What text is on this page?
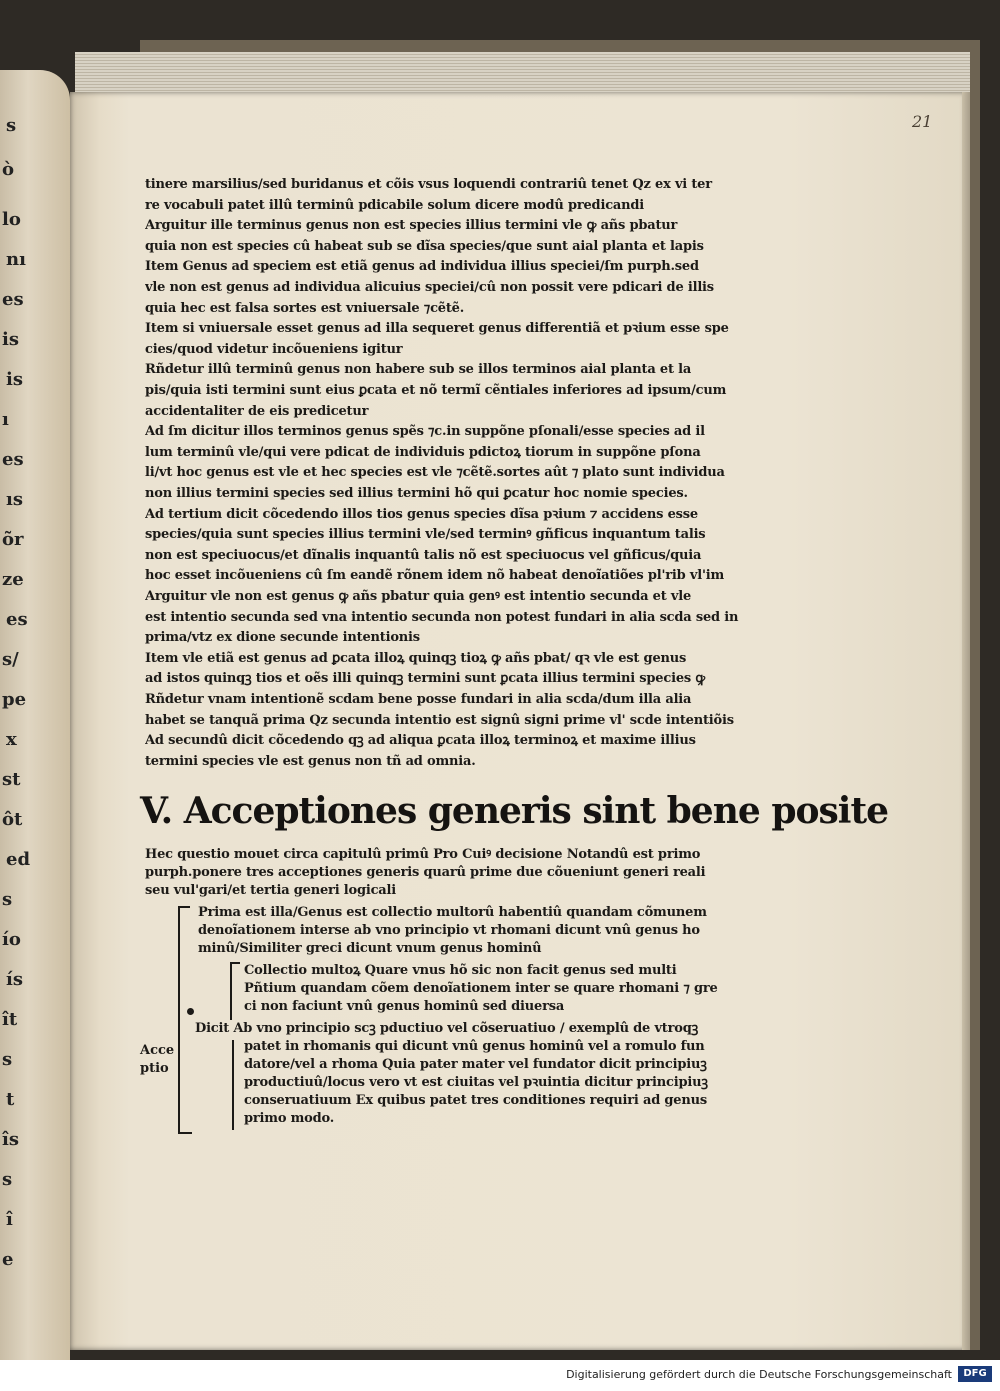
s
ò
lo
nı
es
is
is
ı
es
ıs
õr
ze
es
s/
pe
x
st
ôt
ed
s
ío
ís
ît
s
t
îs
s
î
e
21
tinere marsilius/sed buridanus et cõis vsus loquendi contrariû tenet Qz ex vi ter
re vocabuli patet illû terminû pdicabile solum dicere modû predicandi
Arguitur ille terminus genus non est species illius termini vle ꝙ añs pbatur
quia non est species cû habeat sub se dĩsa species/que sunt aial planta et lapis
Item Genus ad speciem est etiã genus ad individua illius speciei/ſm purph.sed
vle non est genus ad individua alicuius speciei/cû non possit vere pdicari de illis
quia hec est falsa sortes est vniuersale ⁊cẽtẽ.
Item si vniuersale esset genus ad illa sequeret genus differentiã et pꝛium esse spe
cies/quod videtur incõueniens igitur
Rñdetur illû terminû genus non habere sub se illos terminos aial planta et la
pis/quia isti termini sunt eius ꝑcata et nõ termĩ cẽntiales inferiores ad ipsum/cum
accidentaliter de eis predicetur
Ad ſm dicitur illos terminos genus spẽs ⁊c.in suppõne pſonali/esse species ad il
lum terminû vle/qui vere pdicat de individuis pdictoꝝ tiorum in suppõne pſona
li/vt hoc genus est vle et hec species est vle ⁊cẽtẽ.sortes aût ⁊ plato sunt individua
non illius termini species sed illius termini hõ qui ꝑcatur hoc nomie species.
Ad tertium dicit cõcedendo illos tios genus species dĩsa pꝛium ⁊ accidens esse
species/quia sunt species illius termini vle/sed terminꝰ gñficus inquantum talis
non est speciuocus/et dĩnalis inquantû talis nõ est speciuocus vel gñficus/quia
hoc esset incõueniens cû ſm eandẽ rõnem idem nõ habeat denoĩatiões pl'rib vl'im
Arguitur vle non est genus ꝙ añs pbatur quia genꝰ est intentio secunda et vle
est intentio secunda sed vna intentio secunda non potest fundari in alia scda sed in
prima/vtz ex dione secunde intentionis
Item vle etiã est genus ad ꝑcata illoꝝ quinqꝫ tioꝝ ꝙ añs pbat/ qꝛ vle est genus
ad istos quinqꝫ tios et oẽs illi quinqꝫ termini sunt ꝑcata illius termini species ꝙ
Rñdetur vnam intentionẽ scdam bene posse fundari in alia scda/dum illa alia
habet se tanquã prima Qz secunda intentio est signû signi prime vl' scde intentiõis
Ad secundû dicit cõcedendo qꝫ ad aliqua ꝑcata illoꝝ terminoꝝ et maxime illius
termini species vle est genus non tñ ad omnia.
V. Acceptiones generis sint bene posite
Hec questio mouet circa capitulû primû Pro Cuiꝰ decisione Notandû est primo
purph.ponere tres acceptiones generis quarû prime due cõueniunt generi reali
seu vul'gari/et tertia generi logicali
Acce
ptio
Prima est illa/Genus est collectio multorû habentiû quandam cõmunem
denoĩationem interse ab vno principio vt rhomani dicunt vnû genus ho
minû/Similiter greci dicunt vnum genus hominû
Collectio multoꝝ Quare vnus hõ sic non facit genus sed multi
Pñtium quandam cõem denoĩationem inter se quare rhomani ⁊ gre
ci non faciunt vnû genus hominû sed diuersa
Dicit Ab vno principio scꝫ pductiuo vel cõseruatiuo / exemplû de vtroqꝫ
patet in rhomanis qui dicunt vnû genus hominû vel a romulo fun
datore/vel a rhoma Quia pater mater vel fundator dicit principiuꝫ
productiuû/locus vero vt est ciuitas vel pꝛuintia dicitur principiuꝫ
conseruatiuum Ex quibus patet tres conditiones requiri ad genus
primo modo.
Digitalisierung gefördert durch die Deutsche Forschungsgemeinschaft	DFG
